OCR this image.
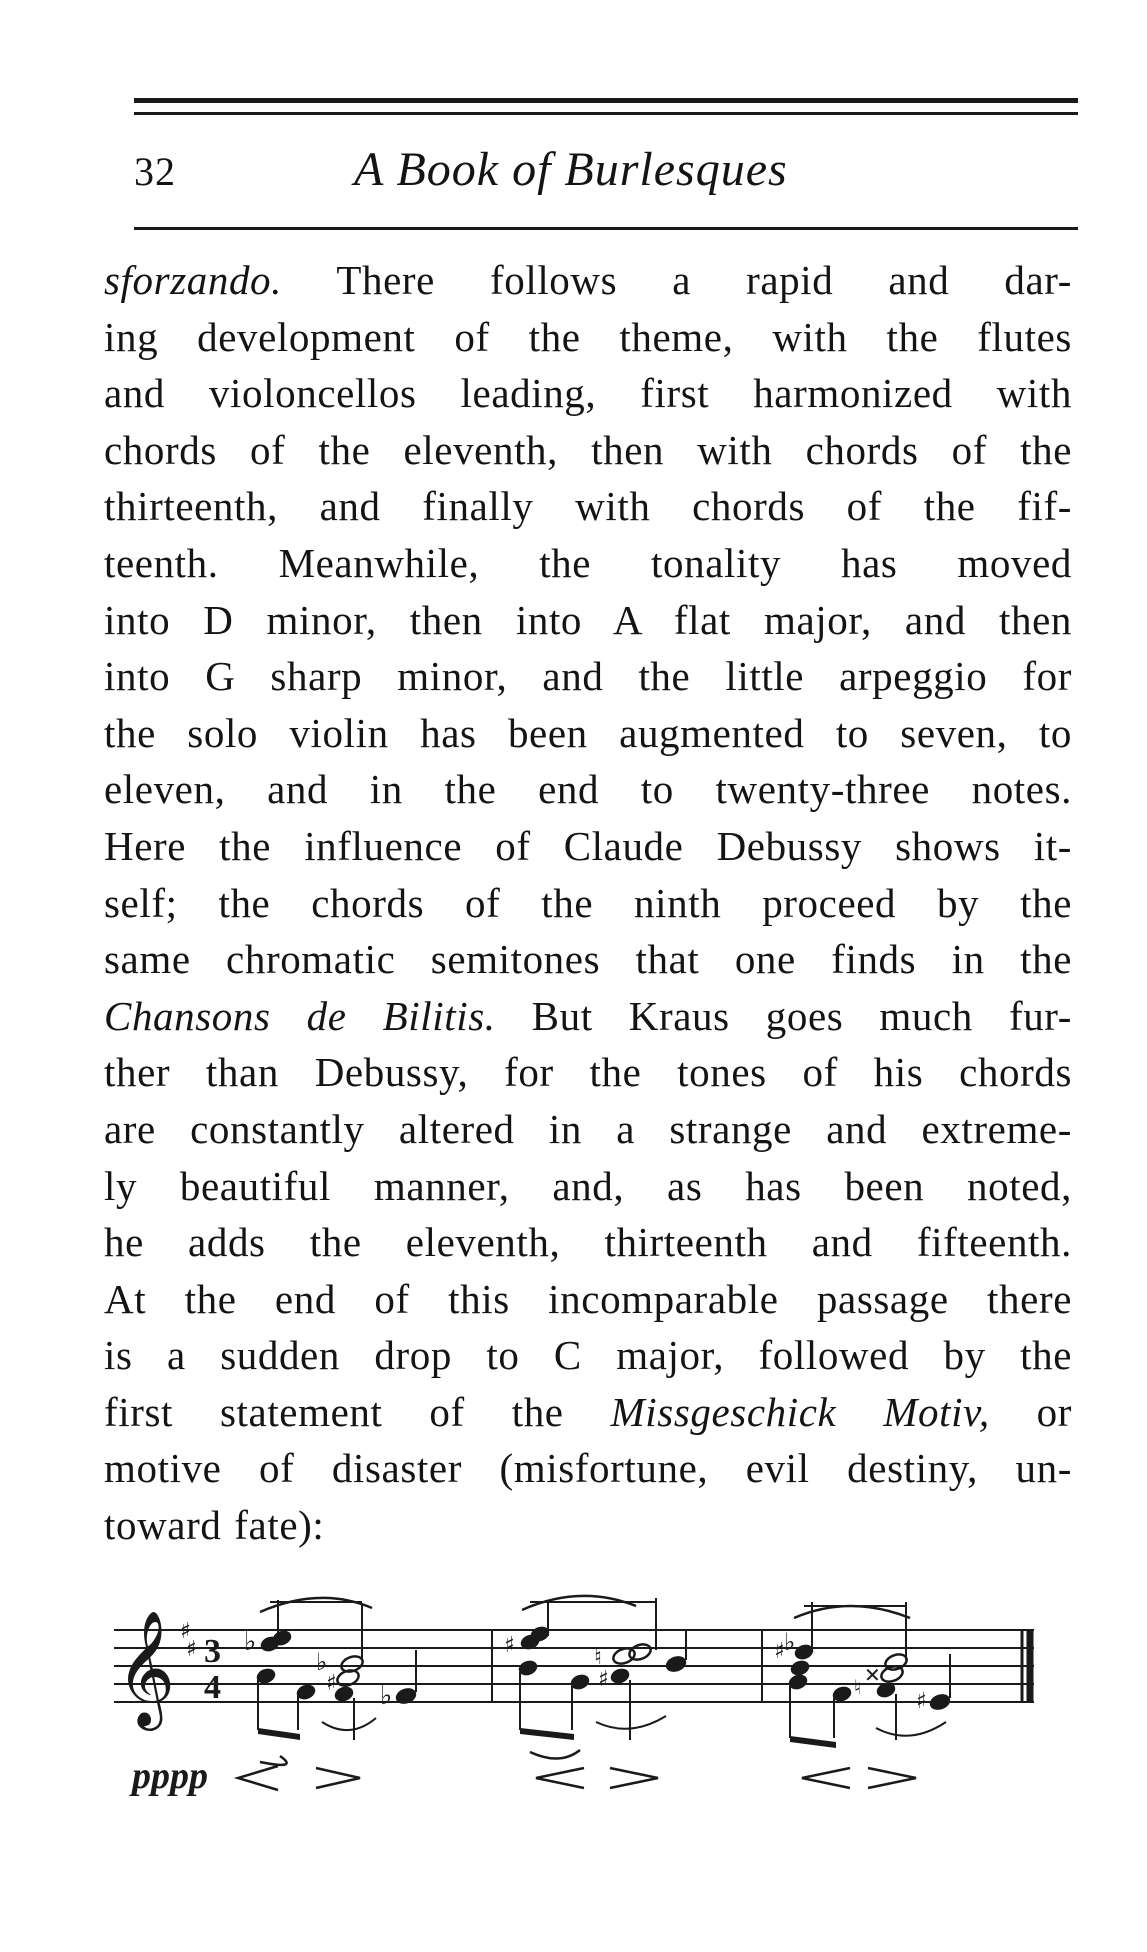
32	A Book of Burlesques
sforzando. There follows a rapid and dar-
ing development of the theme, with the flutes
and violoncellos leading, first harmonized with
chords of the eleventh, then with chords of the
thirteenth, and finally with chords of the fif-
teenth. Meanwhile, the tonality has moved
into D minor, then into A flat major, and then
into G sharp minor, and the little arpeggio for
the solo violin has been augmented to seven, to
eleven, and in the end to twenty-three notes.
Here the influence of Claude Debussy shows it-
self; the chords of the ninth proceed by the
same chromatic semitones that one finds in the
Chansons de Bilitis. But Kraus goes much fur-
ther than Debussy, for the tones of his chords
are constantly altered in a strange and extreme-
ly beautiful manner, and, as has been noted,
he adds the eleventh, thirteenth and fifteenth.
At the end of this incomparable passage there
is a sudden drop to C major, followed by the
first statement of the Missgeschick Motiv, or
motive of disaster (misfortune, evil destiny, un-
toward fate):
𝄞 ♯
♯ 3
4
♭
♭
♯ ♭
♯	♮
♯
♯ ♭
♮ ✕
♯
pppp
